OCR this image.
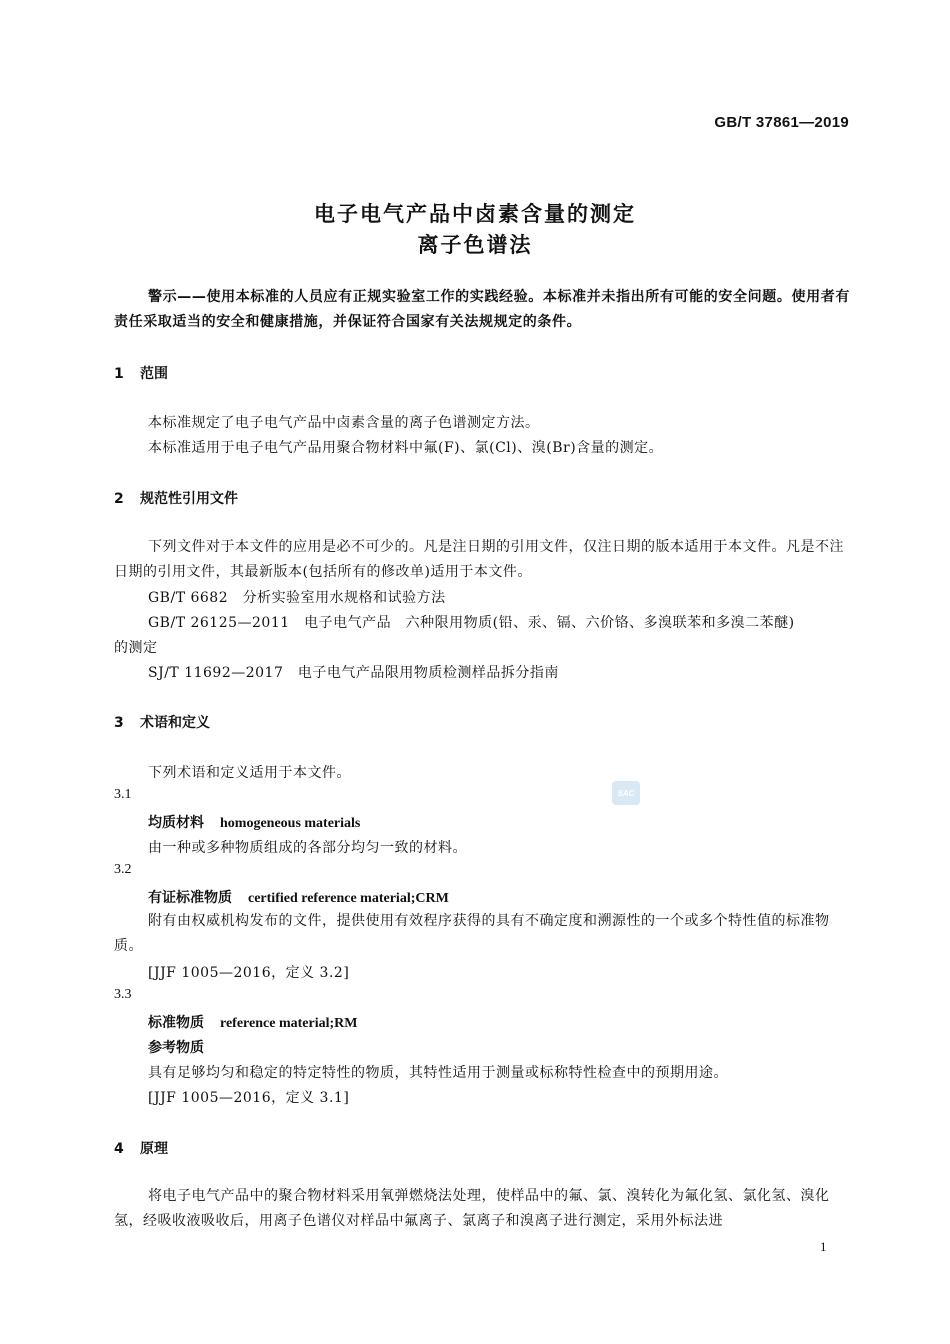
GB/T 37861—2019
电子电气产品中卤素含量的测定
离子色谱法

警示——使用本标准的人员应有正规实验室工作的实践经验。本标准并未指出所有可能的安全问题。使用者有责任采取适当的安全和健康措施，并保证符合国家有关法规规定的条件。

1 范围
本标准规定了电子电气产品中卤素含量的离子色谱测定方法。
本标准适用于电子电气产品用聚合物材料中氟(F)、氯(Cl)、溴(Br)含量的测定。
2 规范性引用文件

下列文件对于本文件的应用是必不可少的。凡是注日期的引用文件，仅注日期的版本适用于本文件。凡是不注日期的引用文件，其最新版本(包括所有的修改单)适用于本文件。

GB/T 6682　分析实验室用水规格和试验方法
GB/T 26125—2011　电子电气产品　六种限用物质(铅、汞、镉、六价铬、多溴联苯和多溴二苯醚)
的测定
SJ/T 11692—2017　电子电气产品限用物质检测样品拆分指南
3 术语和定义
下列术语和定义适用于本文件。
3.1
均质材料 homogeneous materials
由一种或多种物质组成的各部分均匀一致的材料。
3.2
有证标准物质 certified reference material;CRM

附有由权威机构发布的文件，提供使用有效程序获得的具有不确定度和溯源性的一个或多个特性值的标准物质。

[JJF 1005—2016，定义 3.2]
3.3
标准物质 reference material;RM
参考物质
具有足够均匀和稳定的特定特性的物质，其特性适用于测量或标称特性检查中的预期用途。
[JJF 1005—2016，定义 3.1]
4 原理

将电子电气产品中的聚合物材料采用氧弹燃烧法处理，使样品中的氟、氯、溴转化为氟化氢、氯化氢、溴化氢，经吸收液吸收后，用离子色谱仪对样品中氟离子、氯离子和溴离子进行测定，采用外标法进

SAC
1
